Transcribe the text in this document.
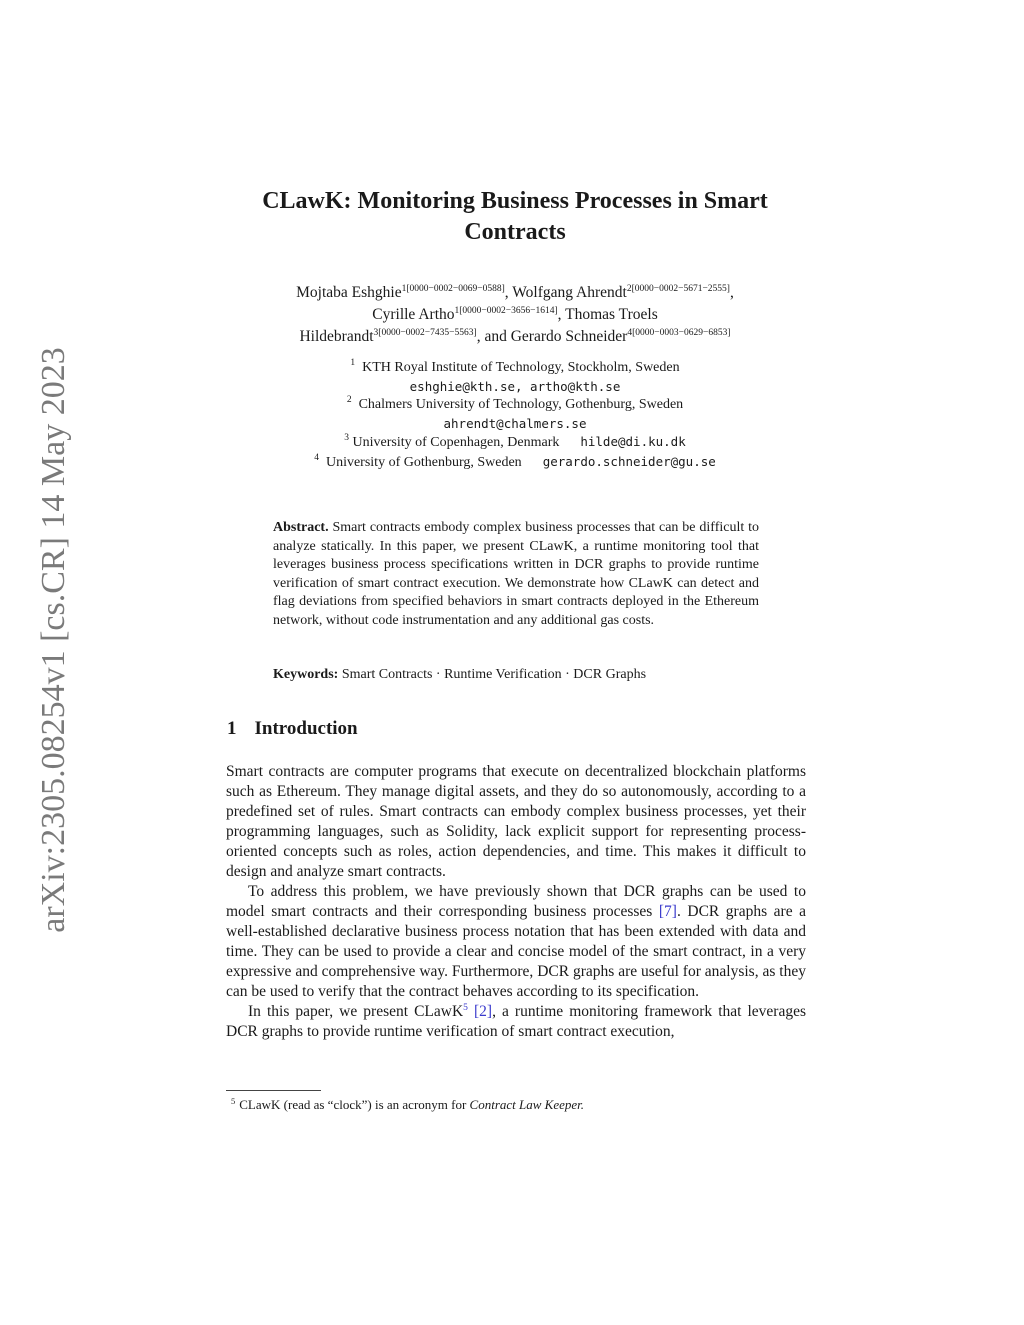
arXiv:2305.08254v1 [cs.CR] 14 May 2023
CLawK: Monitoring Business Processes in Smart
Contracts
Mojtaba Eshghie$^{1[0000-0002-0069-0588]}$, Wolfgang Ahrendt$^{2[0000-0002-5671-2555]}$,
Cyrille Artho$^{1[0000-0002-3656-1614]}$, Thomas Troels
Hildebrandt$^{3[0000-0002-7435-5563]}$, and Gerardo Schneider$^{4[0000-0003-0629-6853]}$
$^1$ KTH Royal Institute of Technology, Stockholm, Sweden
eshghie@kth.se, artho@kth.se
$^2$ Chalmers University of Technology, Gothenburg, Sweden
ahrendt@chalmers.se
$^3$ University of Copenhagen, Denmark hilde@di.ku.dk
$^4$ University of Gothenburg, Sweden gerardo.schneider@gu.se
Abstract. Smart contracts embody complex business processes that can be difficult to analyze statically. In this paper, we present CLawK, a runtime monitoring tool that leverages business process specifications written in DCR graphs to provide runtime verification of smart contract execution. We demonstrate how CLawK can detect and flag deviations from specified behaviors in smart contracts deployed in the Ethereum network, without code instrumentation and any additional gas costs.
Keywords: Smart Contracts · Runtime Verification · DCR Graphs
1 Introduction

Smart contracts are computer programs that execute on decentralized blockchain platforms such as Ethereum. They manage digital assets, and they do so autonomously, according to a predefined set of rules. Smart contracts can embody complex business processes, yet their programming languages, such as Solidity, lack explicit support for representing process-oriented concepts such as roles, action dependencies, and time. This makes it difficult to design and analyze smart contracts.

To address this problem, we have previously shown that DCR graphs can be used to model smart contracts and their corresponding business processes [7]. DCR graphs are a well-established declarative business process notation that has been extended with data and time. They can be used to provide a clear and concise model of the smart contract, in a very expressive and comprehensive way. Furthermore, DCR graphs are useful for analysis, as they can be used to verify that the contract behaves according to its specification.

In this paper, we present CLawK$^5$ [2], a runtime monitoring framework that leverages DCR graphs to provide runtime verification of smart contract execution,

$^5$ CLawK (read as “clock”) is an acronym for Contract Law Keeper.
